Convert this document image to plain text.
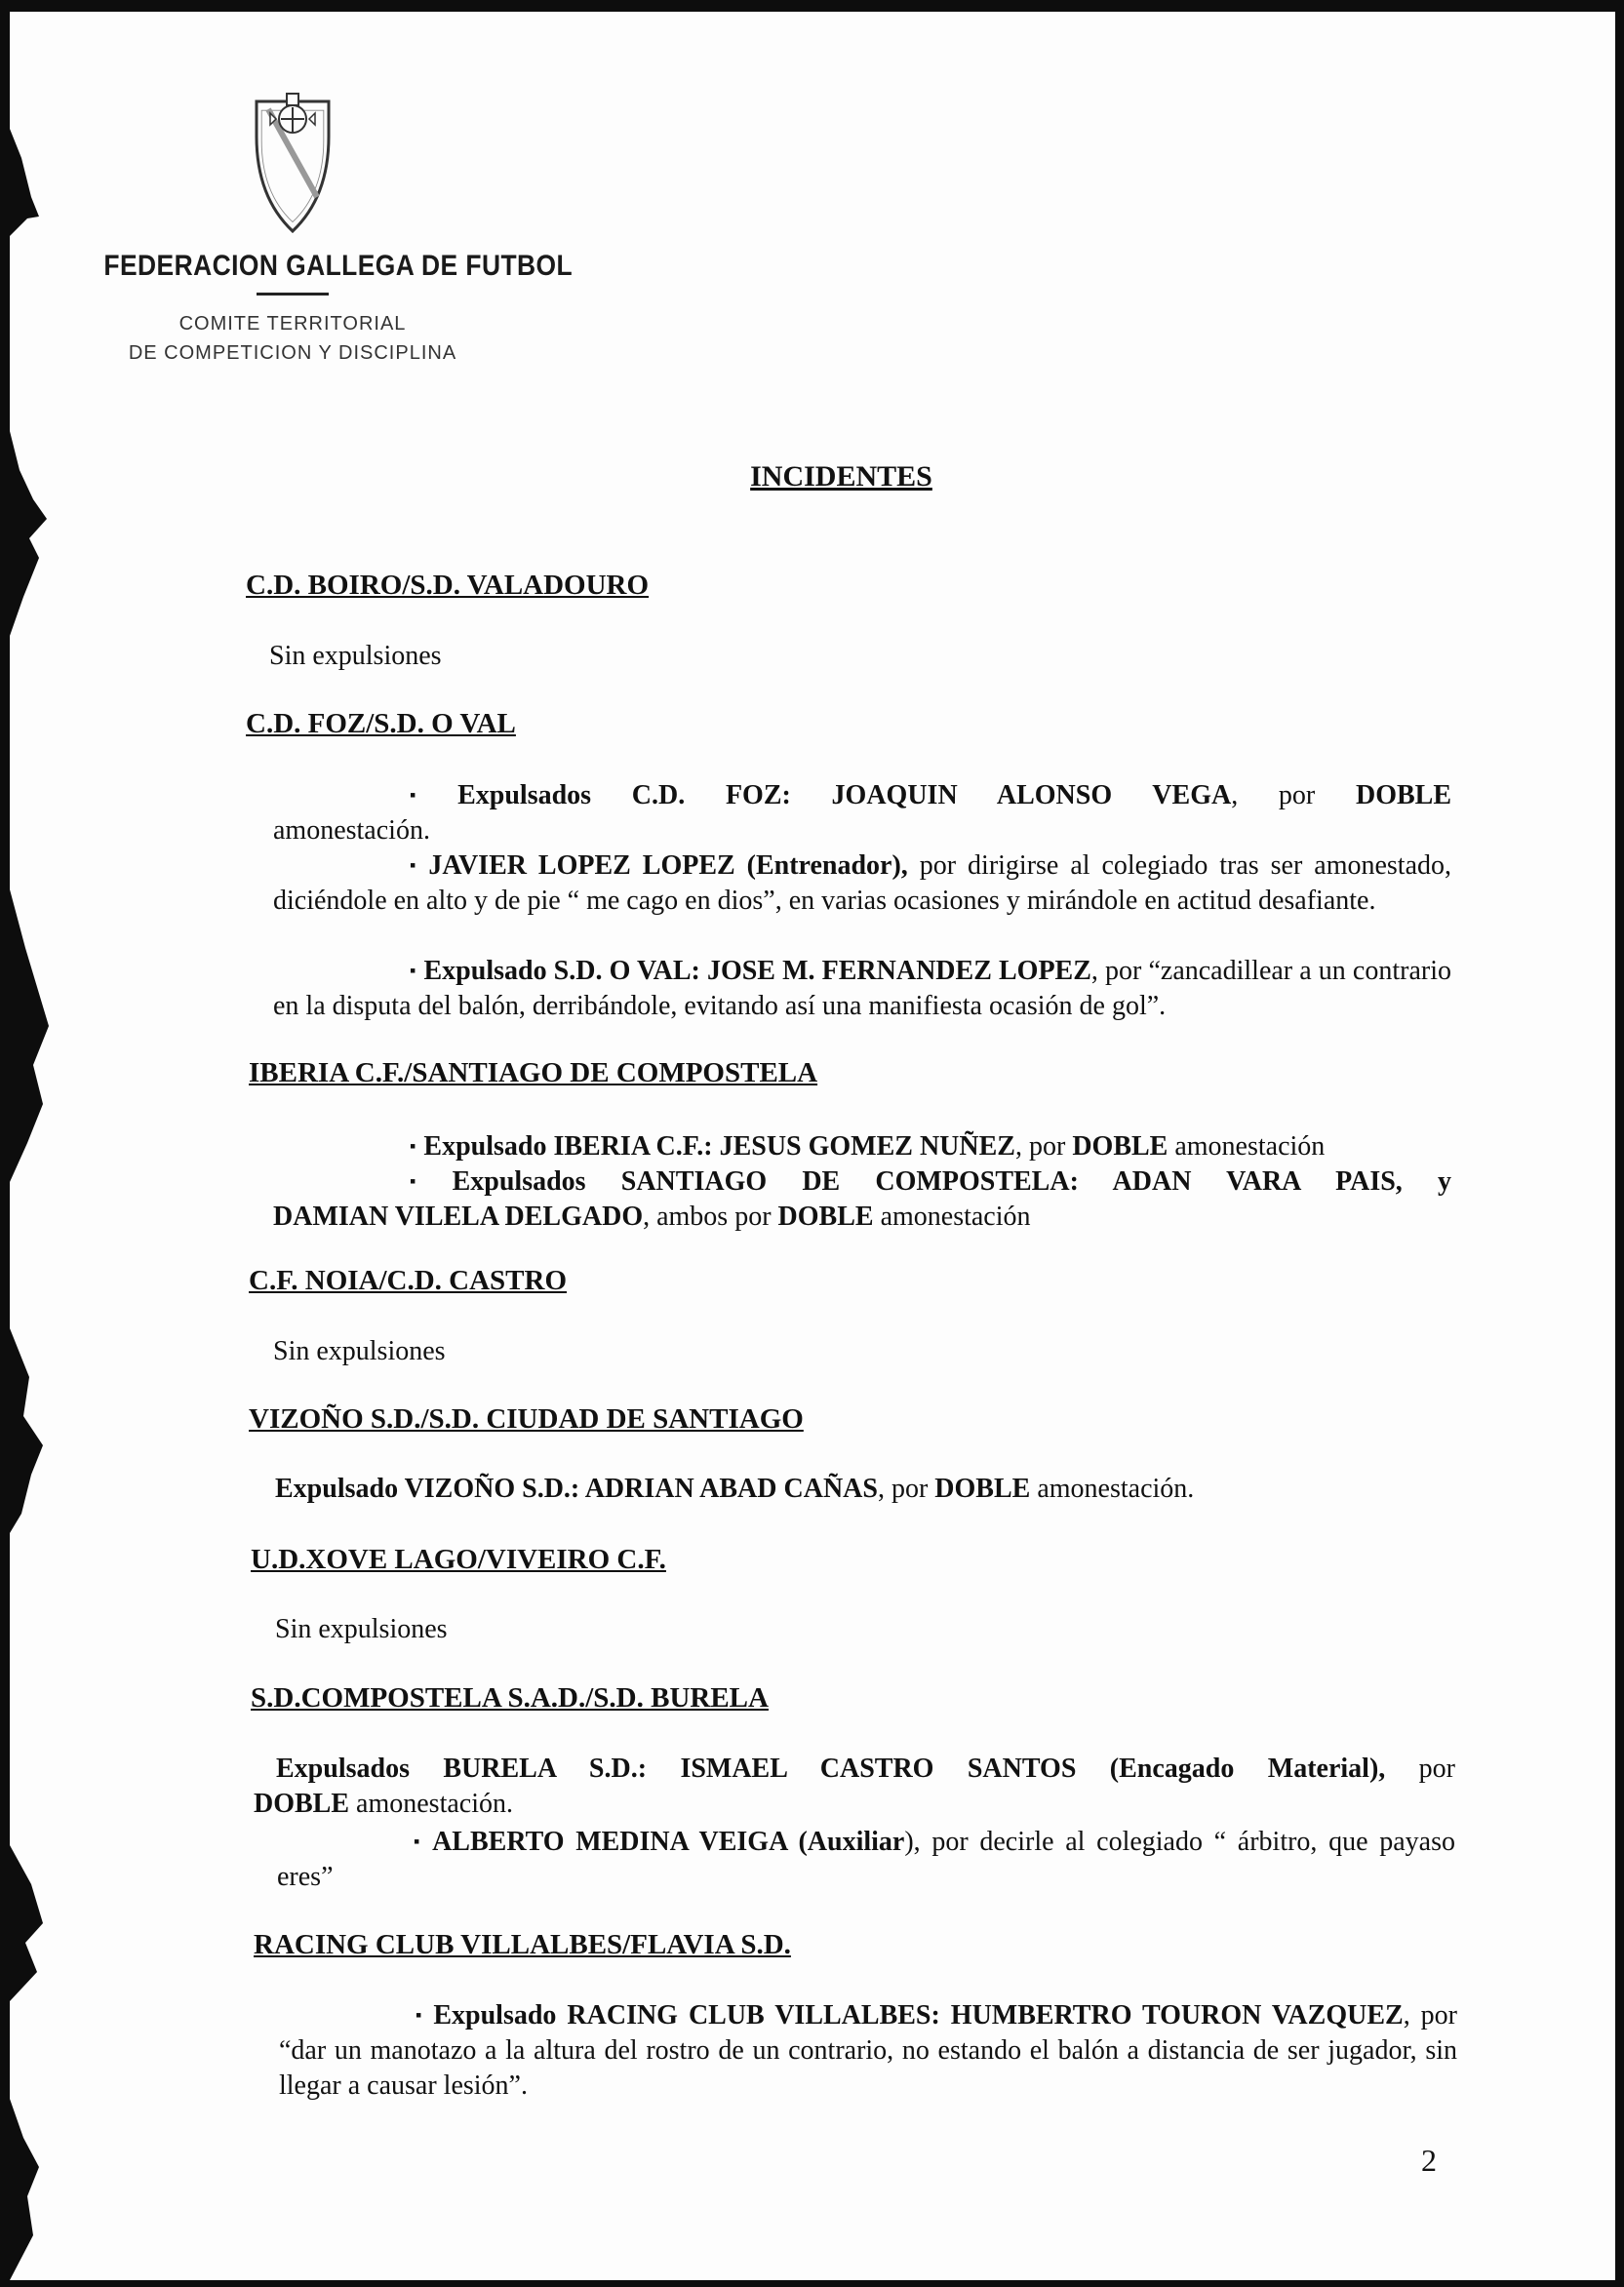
FEDERACION GALLEGA DE FUTBOL
COMITE TERRITORIAL
DE COMPETICION Y DISCIPLINA
INCIDENTES
C.D. BOIRO/S.D. VALADOURO
Sin expulsiones
C.D. FOZ/S.D. O VAL
▪ Expulsados C.D. FOZ: JOAQUIN ALONSO VEGA, por DOBLE
amonestación.
▪ JAVIER LOPEZ LOPEZ (Entrenador), por dirigirse al colegiado tras ser amonestado, diciéndole en alto y de pie “ me cago en dios”, en varias ocasiones y mirándole en actitud desafiante.
▪ Expulsado S.D. O VAL: JOSE M. FERNANDEZ LOPEZ, por “zancadillear a un contrario en la disputa del balón, derribándole, evitando así una manifiesta ocasión de gol”.
IBERIA C.F./SANTIAGO DE COMPOSTELA
▪ Expulsado IBERIA C.F.: JESUS GOMEZ NUÑEZ, por DOBLE amonestación
▪ Expulsados SANTIAGO DE COMPOSTELA: ADAN VARA PAIS, y
DAMIAN VILELA DELGADO, ambos por DOBLE amonestación
C.F. NOIA/C.D. CASTRO
Sin expulsiones
VIZOÑO S.D./S.D. CIUDAD DE SANTIAGO
Expulsado VIZOÑO S.D.: ADRIAN ABAD CAÑAS, por DOBLE amonestación.
U.D.XOVE LAGO/VIVEIRO C.F.
Sin expulsiones
S.D.COMPOSTELA S.A.D./S.D. BURELA
Expulsados BURELA S.D.: ISMAEL CASTRO SANTOS (Encagado Material), por
DOBLE amonestación.
▪ ALBERTO MEDINA VEIGA (Auxiliar), por decirle al colegiado “ árbitro, que payaso eres”
RACING CLUB VILLALBES/FLAVIA S.D.
▪ Expulsado RACING CLUB VILLALBES: HUMBERTRO TOURON VAZQUEZ, por “dar un manotazo a la altura del rostro de un contrario, no estando el balón a distancia de ser jugador, sin llegar a causar lesión”.
2
